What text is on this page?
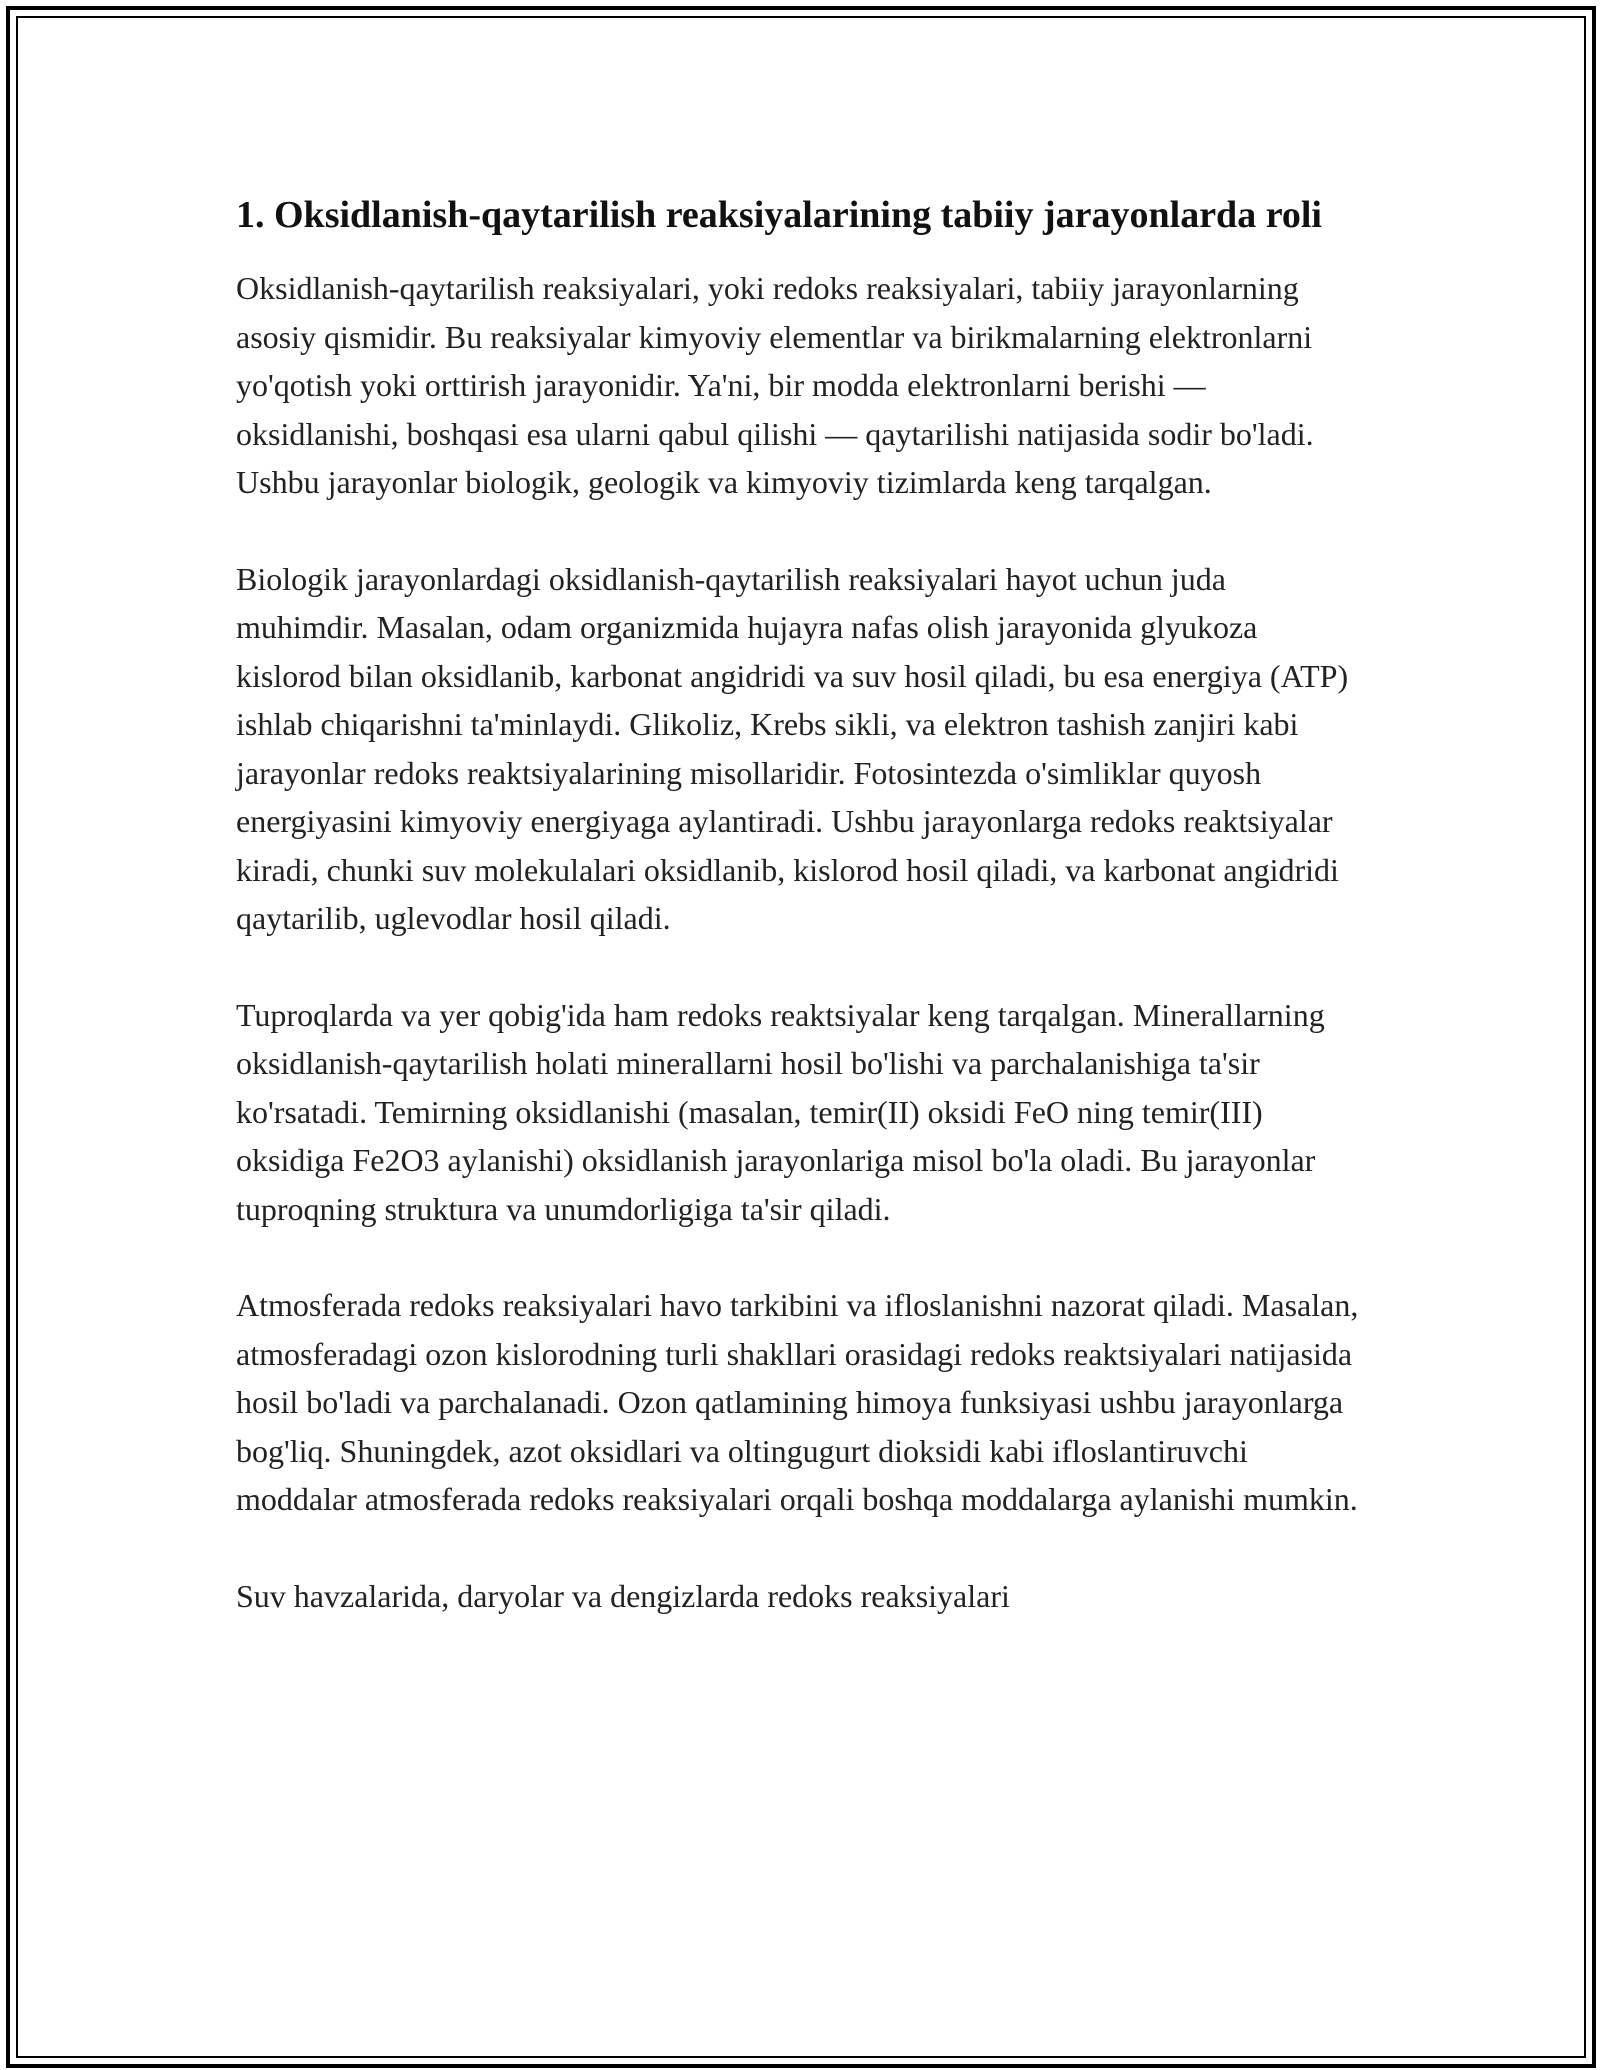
1. Oksidlanish-qaytarilish reaksiyalarining tabiiy jarayonlarda roli

Oksidlanish-qaytarilish reaksiyalari, yoki redoks reaksiyalari, tabiiy jarayonlarning asosiy qismidir. Bu reaksiyalar kimyoviy elementlar va birikmalarning elektronlarni yo'qotish yoki orttirish jarayonidir. Ya'ni, bir modda elektronlarni berishi — oksidlanishi, boshqasi esa ularni qabul qilishi — qaytarilishi natijasida sodir bo'ladi. Ushbu jarayonlar biologik, geologik va kimyoviy tizimlarda keng tarqalgan.

Biologik jarayonlardagi oksidlanish-qaytarilish reaksiyalari hayot uchun juda muhimdir. Masalan, odam organizmida hujayra nafas olish jarayonida glyukoza kislorod bilan oksidlanib, karbonat angidridi va suv hosil qiladi, bu esa energiya (ATP) ishlab chiqarishni ta'minlaydi. Glikoliz, Krebs sikli, va elektron tashish zanjiri kabi jarayonlar redoks reaktsiyalarining misollaridir. Fotosintezda o'simliklar quyosh energiyasini kimyoviy energiyaga aylantiradi. Ushbu jarayonlarga redoks reaktsiyalar kiradi, chunki suv molekulalari oksidlanib, kislorod hosil qiladi, va karbonat angidridi qaytarilib, uglevodlar hosil qiladi.

Tuproqlarda va yer qobig'ida ham redoks reaktsiyalar keng tarqalgan. Minerallarning oksidlanish-qaytarilish holati minerallarni hosil bo'lishi va parchalanishiga ta'sir ko'rsatadi. Temirning oksidlanishi (masalan, temir(II) oksidi FeO ning temir(III) oksidiga Fe2O3 aylanishi) oksidlanish jarayonlariga misol bo'la oladi. Bu jarayonlar tuproqning struktura va unumdorligiga ta'sir qiladi.

Atmosferada redoks reaksiyalari havo tarkibini va ifloslanishni nazorat qiladi. Masalan, atmosferadagi ozon kislorodning turli shakllari orasidagi redoks reaktsiyalari natijasida hosil bo'ladi va parchalanadi. Ozon qatlamining himoya funksiyasi ushbu jarayonlarga bog'liq. Shuningdek, azot oksidlari va oltingugurt dioksidi kabi ifloslantiruvchi moddalar atmosferada redoks reaksiyalari orqali boshqa moddalarga aylanishi mumkin.

Suv havzalarida, daryolar va dengizlarda redoks reaksiyalari
